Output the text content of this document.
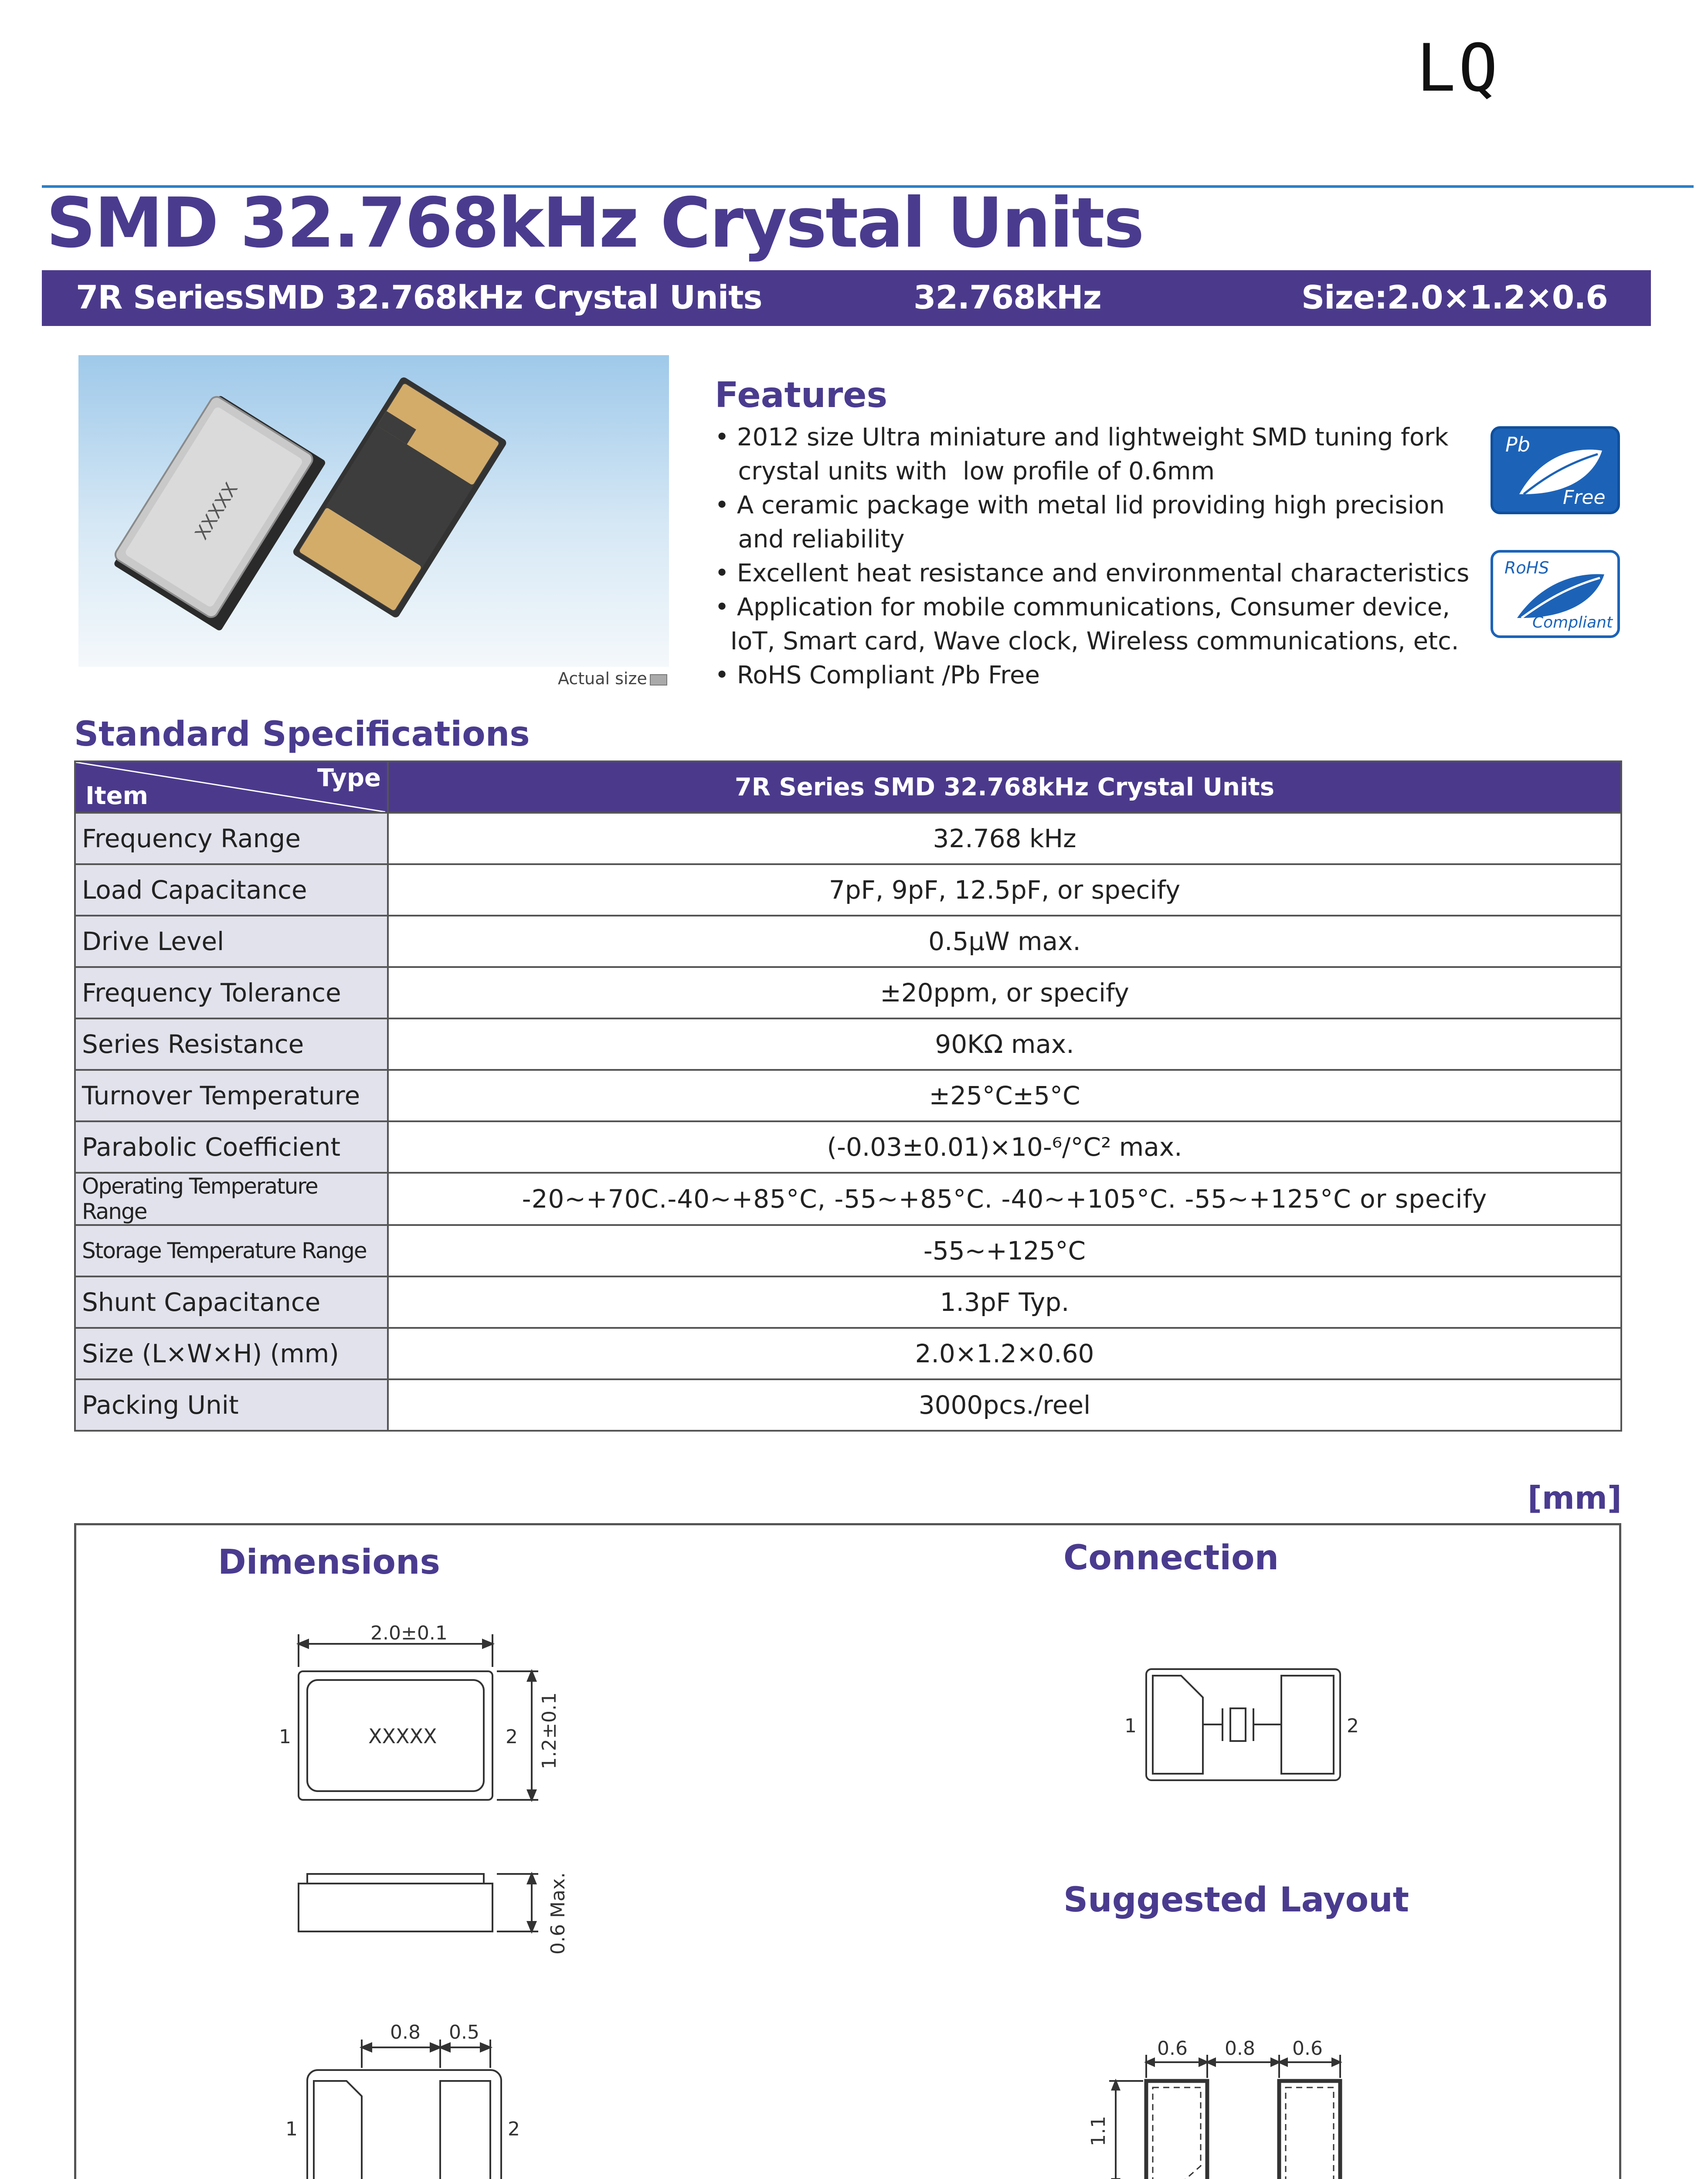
LQ
SMD 32.768kHz Crystal Units
7R SeriesSMD 32.768kHz Crystal Units	32.768kHz	Size:2.0×1.2×0.6 mm
XXXXX
Actual size
Features
• 2012 size Ultra miniature and lightweight SMD tuning fork
crystal units with  low profile of 0.6mm
• A ceramic package with metal lid providing high precision
and reliability
• Excellent heat resistance and environmental characteristics
• Application for mobile communications, Consumer device,
IoT, Smart card, Wave clock, Wireless communications, etc.
• RoHS Compliant /Pb Free
Pb
Free
RoHS
Compliant
Standard Specifications
Type
Item	7R Series SMD 32.768kHz Crystal Units
Frequency Range	32.768 kHz
Load Capacitance	7pF, 9pF, 12.5pF, or specify
Drive Level	0.5μW max.
Frequency Tolerance	±20ppm, or specify
Series Resistance	90KΩ max.
Turnover Temperature	±25°C±5°C
Parabolic Coefficient	(-0.03±0.01)×10-⁶/°C² max.
Operating Temperature Range	-20~+70C.-40~+85°C, -55~+85°C. -40~+105°C. -55~+125°C or specify
Storage Temperature Range	-55~+125°C
Shunt Capacitance	1.3pF Typ.
Size (L×W×H) (mm)	2.0×1.2×0.60
Packing Unit	3000pcs./reel
[mm]
Dimensions	Connection
Suggested Layout
2.0±0.1
XXXXX
1	2 1.2±0.1
0.6 Max.
0.8 0.5
1	2
1	2
0.6 0.8 0.6
1.1
